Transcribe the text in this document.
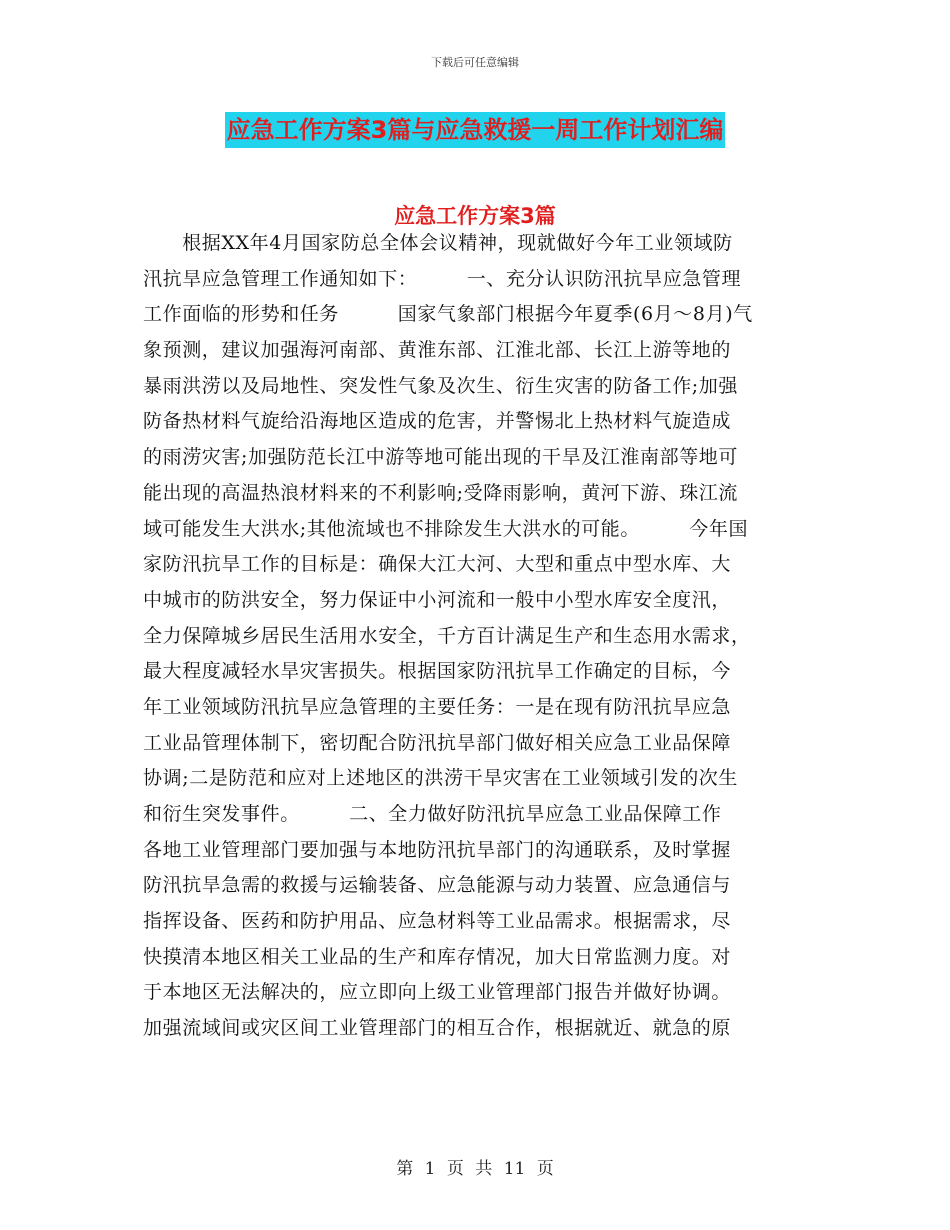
下载后可任意编辑
应急工作方案3篇与应急救援一周工作计划汇编
应急工作方案3篇
　　根据XX年4月国家防总全体会议精神，现就做好今年工业领域防
汛抗旱应急管理工作通知如下：　　　一、充分认识防汛抗旱应急管理
工作面临的形势和任务　　　国家气象部门根据今年夏季(6月～8月)气
象预测，建议加强海河南部、黄淮东部、江淮北部、长江上游等地的
暴雨洪涝以及局地性、突发性气象及次生、衍生灾害的防备工作;加强
防备热材料气旋给沿海地区造成的危害，并警惕北上热材料气旋造成
的雨涝灾害;加强防范长江中游等地可能出现的干旱及江淮南部等地可
能出现的高温热浪材料来的不利影响;受降雨影响，黄河下游、珠江流
域可能发生大洪水;其他流域也不排除发生大洪水的可能。　　　今年国
家防汛抗旱工作的目标是：确保大江大河、大型和重点中型水库、大
中城市的防洪安全，努力保证中小河流和一般中小型水库安全度汛，
全力保障城乡居民生活用水安全，千方百计满足生产和生态用水需求，
最大程度减轻水旱灾害损失。根据国家防汛抗旱工作确定的目标，今
年工业领域防汛抗旱应急管理的主要任务：一是在现有防汛抗旱应急
工业品管理体制下，密切配合防汛抗旱部门做好相关应急工业品保障
协调;二是防范和应对上述地区的洪涝干旱灾害在工业领域引发的次生
和衍生突发事件。　　　二、全力做好防汛抗旱应急工业品保障工作
各地工业管理部门要加强与本地防汛抗旱部门的沟通联系，及时掌握
防汛抗旱急需的救援与运输装备、应急能源与动力装置、应急通信与
指挥设备、医药和防护用品、应急材料等工业品需求。根据需求，尽
快摸清本地区相关工业品的生产和库存情况，加大日常监测力度。对
于本地区无法解决的，应立即向上级工业管理部门报告并做好协调。
加强流域间或灾区间工业管理部门的相互合作，根据就近、就急的原
第 1 页 共 11 页
